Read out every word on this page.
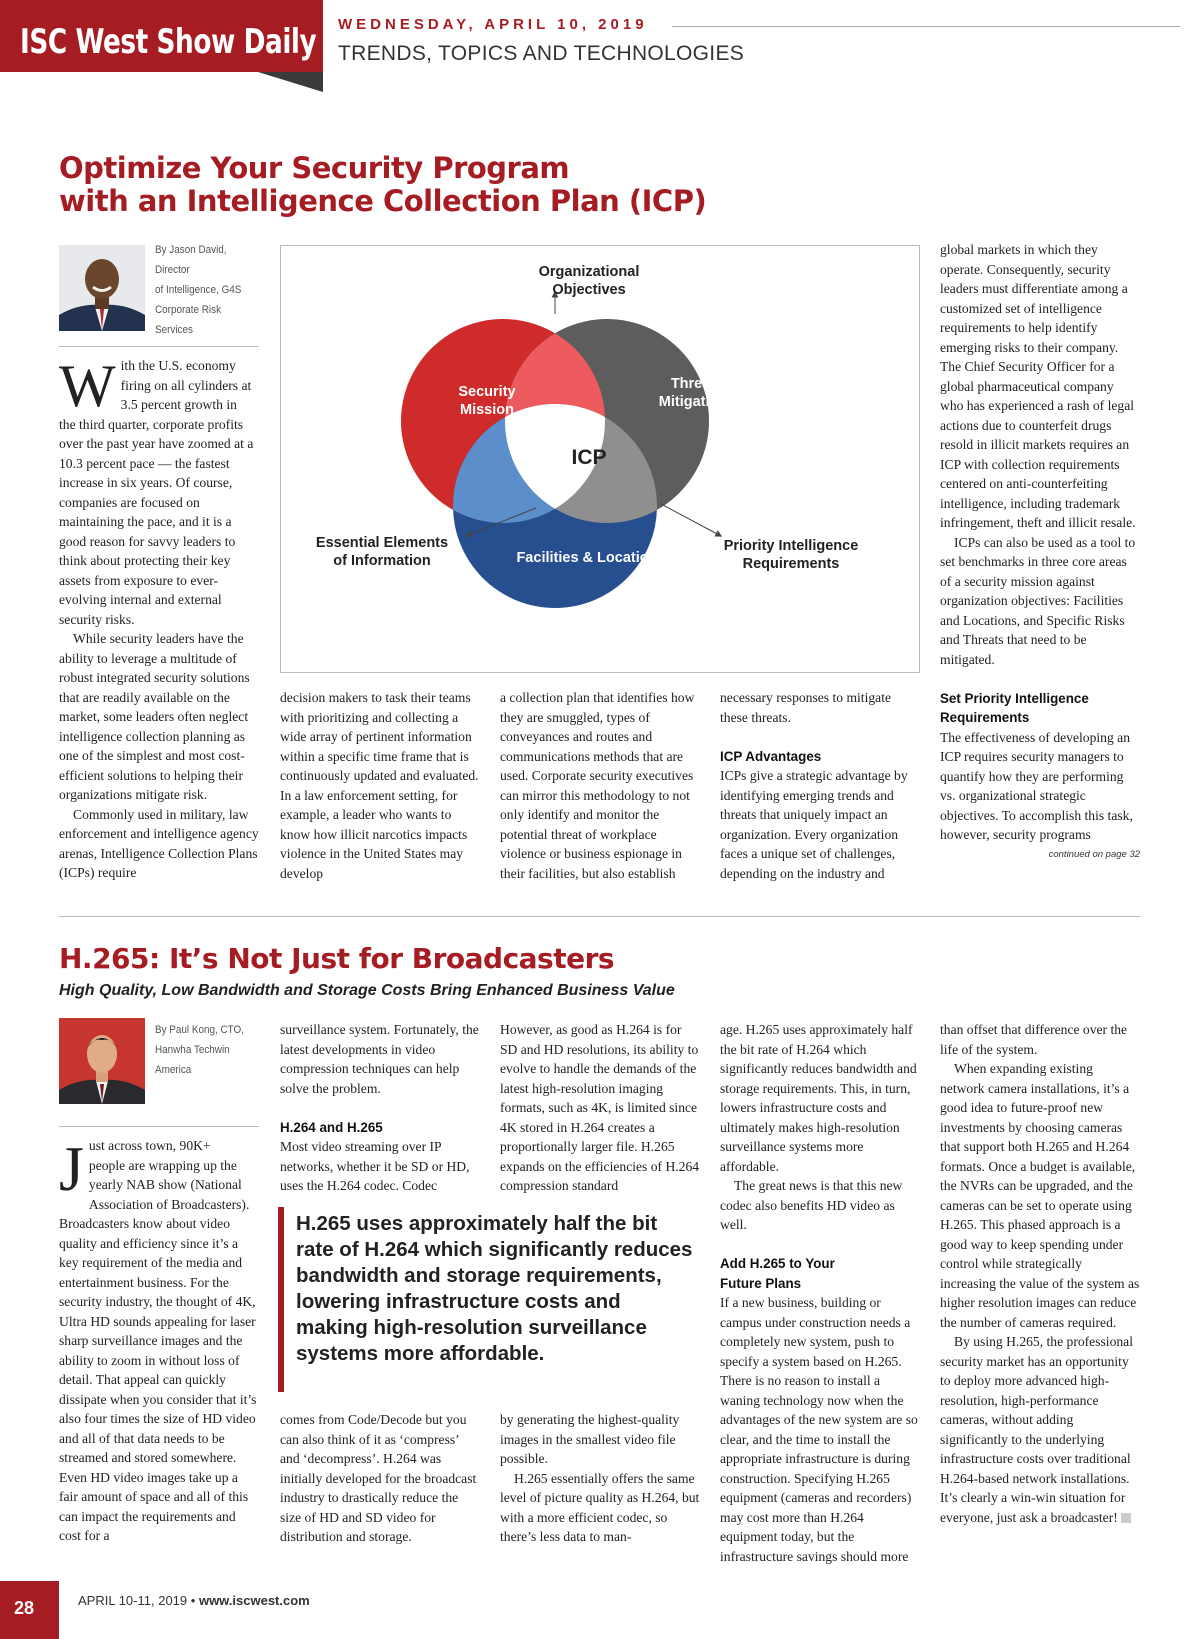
ISC West Show Daily WEDNESDAY, APRIL 10, 2019
TRENDS, TOPICS AND TECHNOLOGIES
Optimize Your Security Program
with an Intelligence Collection Plan (ICP)
By Jason David, Director
of Intelligence, G4S
Corporate Risk Services
Organizational
Objectives
Security
Mission
Threat
Mitigation
Facilities & Locations
Essential Elements
of Information
Priority Intelligence
Requirements
ICP

W ith the U.S. economy
firing on all cylinders at
3.5 percent growth in

the third quarter, corporate profits over the past year have zoomed at a 10.3 percent pace — the fastest increase in six years. Of course, companies are focused on maintaining the pace, and it is a good reason for savvy leaders to think about protecting their key assets from exposure to ever-evolving internal and external security risks.

While security leaders have the ability to leverage a multitude of robust integrated security solutions that are readily available on the market, some leaders often neglect intelligence collection planning as one of the simplest and most cost-efficient solutions to helping their organizations mitigate risk.

Commonly used in military, law enforcement and intelligence agency arenas, Intelligence Collection Plans (ICPs) require

decision makers to task their teams with prioritizing and collecting a wide array of pertinent information within a specific time frame that is continuously updated and evaluated. In a law enforcement setting, for example, a leader who wants to know how illicit narcotics impacts violence in the United States may develop

a collection plan that identifies how they are smuggled, types of conveyances and routes and communications methods that are used. Corporate security executives can mirror this methodology to not only identify and monitor the potential threat of workplace violence or business espionage in their facilities, but also establish

necessary responses to mitigate these threats.

ICP Advantages

ICPs give a strategic advantage by identifying emerging trends and threats that uniquely impact an organization. Every organization faces a unique set of challenges, depending on the industry and

global markets in which they operate. Consequently, security leaders must differentiate among a customized set of intelligence requirements to help identify emerging risks to their company. The Chief Security Officer for a global pharmaceutical company who has experienced a rash of legal actions due to counterfeit drugs resold in illicit markets requires an ICP with collection requirements centered on anti-counterfeiting intelligence, including trademark infringement, theft and illicit resale.

ICPs can also be used as a tool to set benchmarks in three core areas of a security mission against organization objectives: Facilities and Locations, and Specific Risks and Threats that need to be mitigated.

Set Priority Intelligence

Requirements

The effectiveness of developing an ICP requires security managers to quantify how they are performing vs. organizational strategic objectives. To accomplish this task, however, security programs

continued on page 32

H.265: It’s Not Just for Broadcasters
High Quality, Low Bandwidth and Storage Costs Bring Enhanced Business Value
By Paul Kong, CTO,
Hanwha Techwin America

J ust across town, 90K+
people are wrapping up the
yearly NAB show (National

Association of Broadcasters). Broadcasters know about video quality and efficiency since it’s a key requirement of the media and entertainment business. For the security industry, the thought of 4K, Ultra HD sounds appealing for laser sharp surveillance images and the ability to zoom in without loss of detail. That appeal can quickly dissipate when you consider that it’s also four times the size of HD video and all of that data needs to be streamed and stored somewhere. Even HD video images take up a fair amount of space and all of this can impact the requirements and cost for a

surveillance system. Fortunately, the latest developments in video compression techniques can help solve the problem.

H.264 and H.265

Most video streaming over IP networks, whether it be SD or HD, uses the H.264 codec. Codec

However, as good as H.264 is for SD and HD resolutions, its ability to evolve to handle the demands of the latest high-resolution imaging formats, such as 4K, is limited since 4K stored in H.264 creates a proportionally larger file. H.265 expands on the efficiencies of H.264 compression standard

H.265 uses approximately half the bit rate of H.264 which significantly reduces bandwidth and storage requirements, lowering infrastructure costs and making high-resolution surveillance systems more affordable.

comes from Code/Decode but you can also think of it as ‘compress’ and ‘decompress’. H.264 was initially developed for the broadcast industry to drastically reduce the size of HD and SD video for distribution and storage.

by generating the highest-quality images in the smallest video file possible.

H.265 essentially offers the same level of picture quality as H.264, but with a more efficient codec, so there’s less data to man-

age. H.265 uses approximately half the bit rate of H.264 which significantly reduces bandwidth and storage requirements. This, in turn, lowers infrastructure costs and ultimately makes high-resolution surveillance systems more affordable.

The great news is that this new codec also benefits HD video as well.

Add H.265 to Your

Future Plans

If a new business, building or campus under construction needs a completely new system, push to specify a system based on H.265. There is no reason to install a waning technology now when the advantages of the new system are so clear, and the time to install the appropriate infrastructure is during construction. Specifying H.265 equipment (cameras and recorders) may cost more than H.264 equipment today, but the infrastructure savings should more

than offset that difference over the life of the system.

When expanding existing network camera installations, it’s a good idea to future-proof new investments by choosing cameras that support both H.265 and H.264 formats. Once a budget is available, the NVRs can be upgraded, and the cameras can be set to operate using H.265. This phased approach is a good way to keep spending under control while strategically increasing the value of the system as higher resolution images can reduce the number of cameras required.

By using H.265, the professional security market has an opportunity to deploy more advanced high-resolution, high-performance cameras, without adding significantly to the underlying infrastructure costs over traditional H.264-based network installations. It’s clearly a win-win situation for everyone, just ask a broadcaster!

28	APRIL 10-11, 2019 • www.iscwest.com
